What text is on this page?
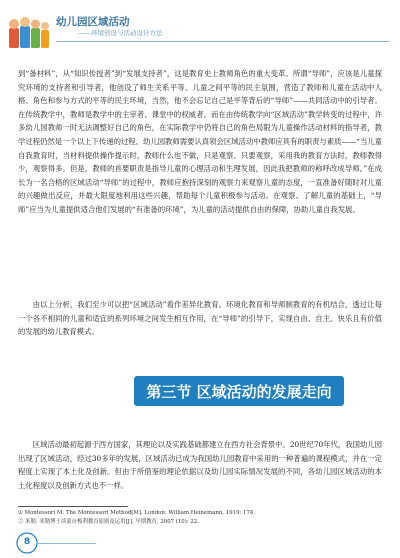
幼儿园区域活动
——环境创设与活动设计方法

到“备材料”，从“知识传授者”到“发展支持者”，这是教育史上教师角色的重大变革。所谓“导师”，应该是儿童探究环境的支持者和引导者，他创设了师生关系平等、儿童之间平等的民主氛围，营造了教师和儿童在活动中人格、角色和参与方式的平等的民主环境，当然，他不会忘记自己是平等背后的“导师”——共同活动中的引导者。在传统教学中，教师是教学中的主宰者、课堂中的权威者。而在由传统教学向“区域活动”教学转变的过程中，许多幼儿园教师一时无法调整好自己的角色，在实际教学中仍将自己的角色局限为儿童操作活动材料的指导者，教学过程仍然是一个以上下传递的过程。幼儿园教师需要认真领会区域活动中教师应具有的职责与素质——“当儿童自我教育时，当材料提供操作提示时，教师什么也不做，只是观察。只要观察，采用我的教育方法时，教师教得少，观察得多。但是，教师的首要职责是指导儿童的心理活动和生理发展，因此我把教师的称呼改成导师。”在成长为一名合格的区域活动“导师”的过程中，教师应抱持深刻的观察力来观察儿童的态度，一直准备好随时对儿童的兴趣做出反应，并最大限度地利用这些兴趣，帮助每个儿童积极参与活动。在观察、了解儿童的基础上，“导师”应当为儿童提供适合他们发展的“有准备的环境”，为儿童的活动提供自由的保障，协助儿童自我发展。

由以上分析，我们至少可以把“区域活动”看作差异化教育、环境化教育和导师制教育的有机结合，透过让每一个各不相同的儿童和适宜的系列环境之间发生相互作用，在“导师”的引导下，实现自由、自主、快乐且有价值的发展的幼儿教育模式。

第三节 区域活动的发展走向

区域活动最初起源于西方国家，其理论以及实践基础都建立在西方社会背景中。20世纪70年代，我国幼儿园出现了区域活动，经过30多年的发展，区域活动已成为我国幼儿园教育中采用的一种普遍的课程模式，并在一定程度上实现了本土化及创新。但由于所借鉴的理论依据以及幼儿园实际情况发展的不同，各幼儿园区域活动的本土化程度以及创新方式也不一样。

① Montessori M. The Montessori Method[M]. London: William Heinemann, 1919: 174.
② 米勒. 米勒博士谈蒙台梭利教育原则及运用[J]. 早期教育, 2007 (10): 22.
8
